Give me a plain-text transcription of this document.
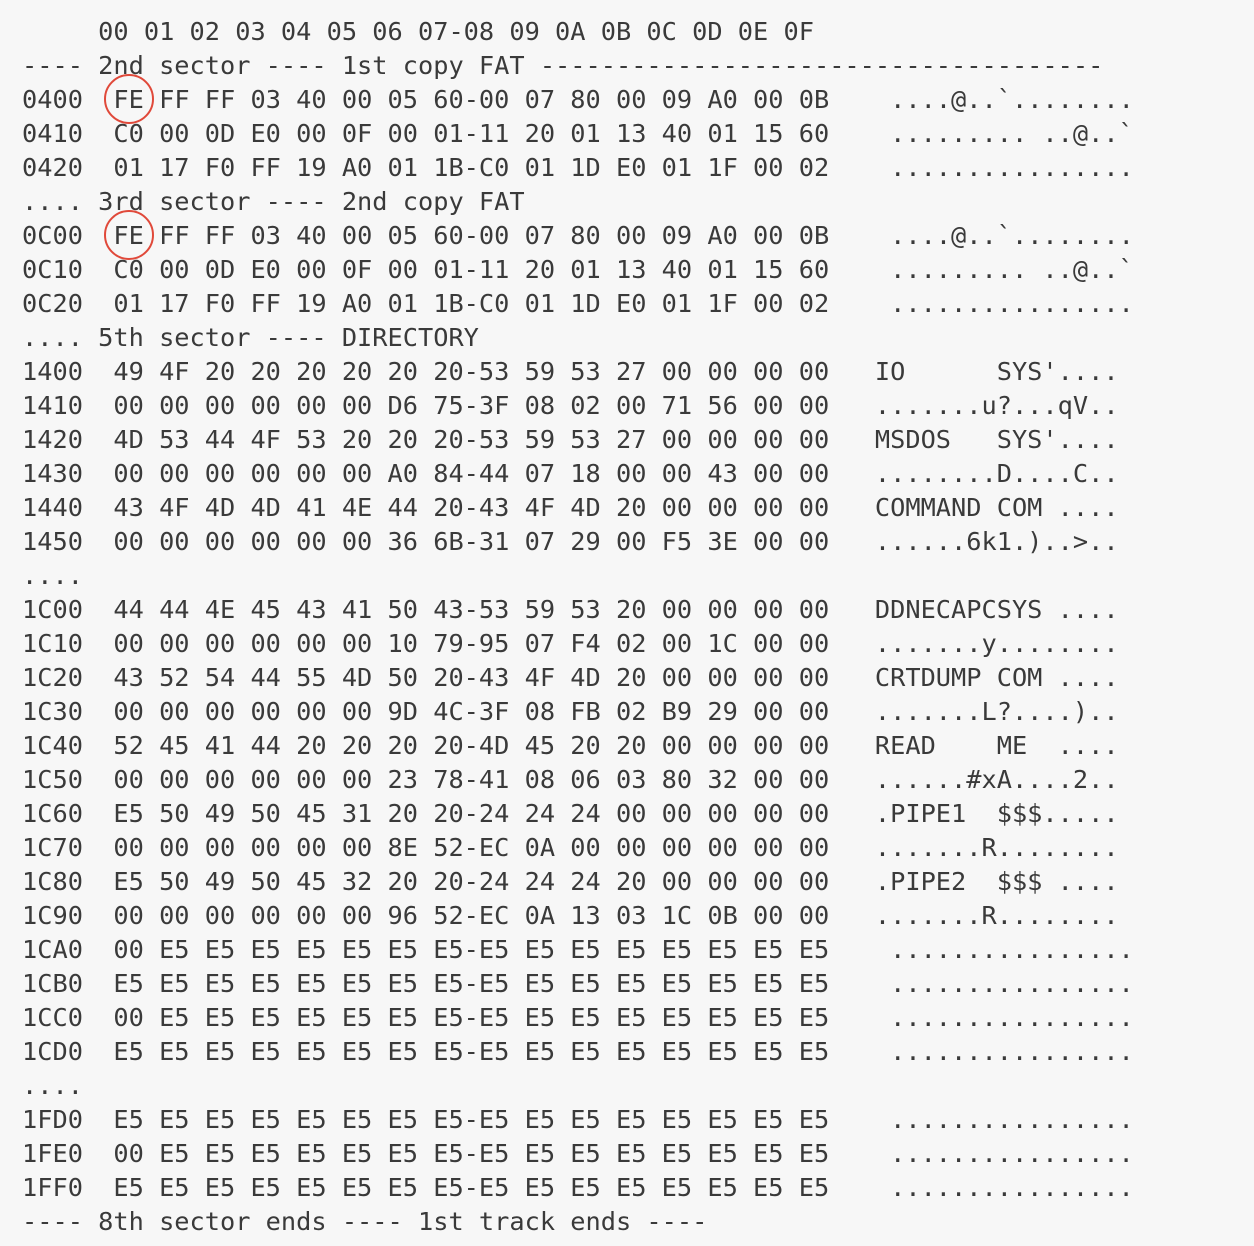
00 01 02 03 04 05 06 07-08 09 0A 0B 0C 0D 0E 0F
---- 2nd sector ---- 1st copy FAT -------------------------------------
0400  FE FF FF 03 40 00 05 60-00 07 80 00 09 A0 00 0B    ....@..`........
0410  C0 00 0D E0 00 0F 00 01-11 20 01 13 40 01 15 60    ......... ..@..`
0420  01 17 F0 FF 19 A0 01 1B-C0 01 1D E0 01 1F 00 02    ................
.... 3rd sector ---- 2nd copy FAT
0C00  FE FF FF 03 40 00 05 60-00 07 80 00 09 A0 00 0B    ....@..`........
0C10  C0 00 0D E0 00 0F 00 01-11 20 01 13 40 01 15 60    ......... ..@..`
0C20  01 17 F0 FF 19 A0 01 1B-C0 01 1D E0 01 1F 00 02    ................
.... 5th sector ---- DIRECTORY
1400  49 4F 20 20 20 20 20 20-53 59 53 27 00 00 00 00   IO      SYS'....
1410  00 00 00 00 00 00 D6 75-3F 08 02 00 71 56 00 00   .......u?...qV..
1420  4D 53 44 4F 53 20 20 20-53 59 53 27 00 00 00 00   MSDOS   SYS'....
1430  00 00 00 00 00 00 A0 84-44 07 18 00 00 43 00 00   ........D....C..
1440  43 4F 4D 4D 41 4E 44 20-43 4F 4D 20 00 00 00 00   COMMAND COM ....
1450  00 00 00 00 00 00 36 6B-31 07 29 00 F5 3E 00 00   ......6k1.)..>..
....
1C00  44 44 4E 45 43 41 50 43-53 59 53 20 00 00 00 00   DDNECAPCSYS ....
1C10  00 00 00 00 00 00 10 79-95 07 F4 02 00 1C 00 00   .......y........
1C20  43 52 54 44 55 4D 50 20-43 4F 4D 20 00 00 00 00   CRTDUMP COM ....
1C30  00 00 00 00 00 00 9D 4C-3F 08 FB 02 B9 29 00 00   .......L?....)..
1C40  52 45 41 44 20 20 20 20-4D 45 20 20 00 00 00 00   READ    ME  ....
1C50  00 00 00 00 00 00 23 78-41 08 06 03 80 32 00 00   ......#xA....2..
1C60  E5 50 49 50 45 31 20 20-24 24 24 00 00 00 00 00   .PIPE1  $$$.....
1C70  00 00 00 00 00 00 8E 52-EC 0A 00 00 00 00 00 00   .......R........
1C80  E5 50 49 50 45 32 20 20-24 24 24 20 00 00 00 00   .PIPE2  $$$ ....
1C90  00 00 00 00 00 00 96 52-EC 0A 13 03 1C 0B 00 00   .......R........
1CA0  00 E5 E5 E5 E5 E5 E5 E5-E5 E5 E5 E5 E5 E5 E5 E5    ................
1CB0  E5 E5 E5 E5 E5 E5 E5 E5-E5 E5 E5 E5 E5 E5 E5 E5    ................
1CC0  00 E5 E5 E5 E5 E5 E5 E5-E5 E5 E5 E5 E5 E5 E5 E5    ................
1CD0  E5 E5 E5 E5 E5 E5 E5 E5-E5 E5 E5 E5 E5 E5 E5 E5    ................
....
1FD0  E5 E5 E5 E5 E5 E5 E5 E5-E5 E5 E5 E5 E5 E5 E5 E5    ................
1FE0  00 E5 E5 E5 E5 E5 E5 E5-E5 E5 E5 E5 E5 E5 E5 E5    ................
1FF0  E5 E5 E5 E5 E5 E5 E5 E5-E5 E5 E5 E5 E5 E5 E5 E5    ................
---- 8th sector ends ---- 1st track ends ----
